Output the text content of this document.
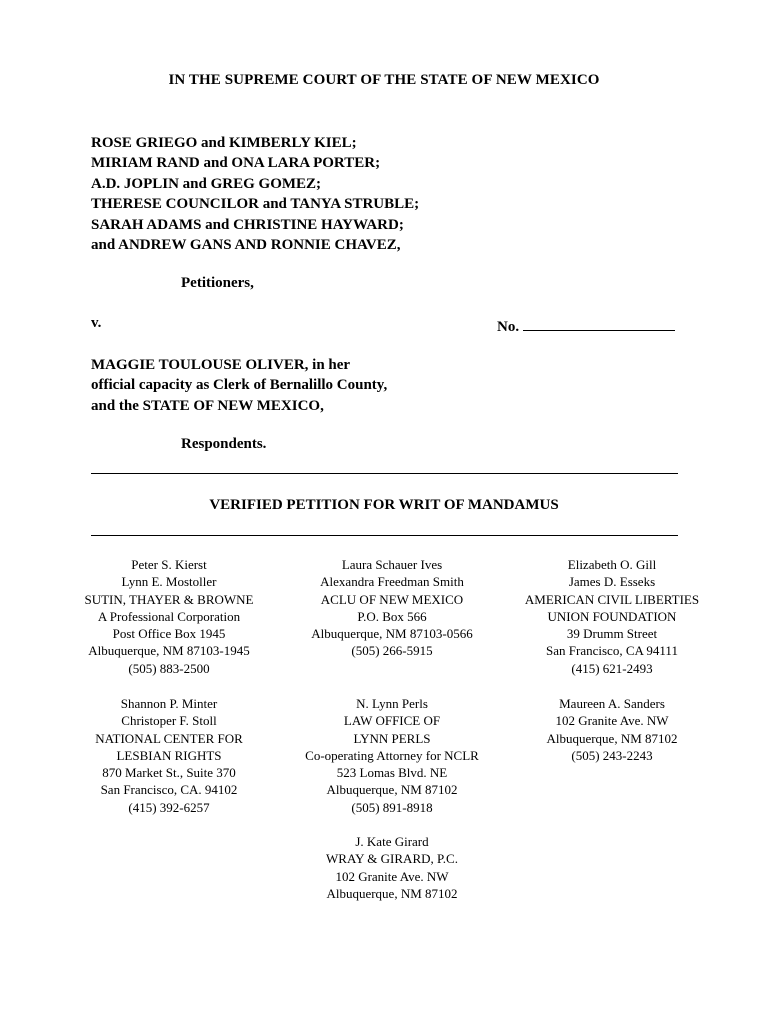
IN THE SUPREME COURT OF THE STATE OF NEW MEXICO
ROSE GRIEGO and KIMBERLY KIEL;
MIRIAM RAND and ONA LARA PORTER;
A.D. JOPLIN and GREG GOMEZ;
THERESE COUNCILOR and TANYA STRUBLE;
SARAH ADAMS and CHRISTINE HAYWARD;
and ANDREW GANS AND RONNIE CHAVEZ,
Petitioners,
v.	No.
MAGGIE TOULOUSE OLIVER, in her
official capacity as Clerk of Bernalillo County,
and the STATE OF NEW MEXICO,
Respondents.
VERIFIED PETITION FOR WRIT OF MANDAMUS
Peter S. Kierst
Lynn E. Mostoller
SUTIN, THAYER & BROWNE
A Professional Corporation
Post Office Box 1945
Albuquerque, NM 87103-1945
(505) 883-2500
Laura Schauer Ives
Alexandra Freedman Smith
ACLU OF NEW MEXICO
P.O. Box 566
Albuquerque, NM 87103-0566
(505) 266-5915
Elizabeth O. Gill
James D. Esseks
AMERICAN CIVIL LIBERTIES
UNION FOUNDATION
39 Drumm Street
San Francisco, CA 94111
(415) 621-2493
Shannon P. Minter
Christoper F. Stoll
NATIONAL CENTER FOR
LESBIAN RIGHTS
870 Market St., Suite 370
San Francisco, CA. 94102
(415) 392-6257
N. Lynn Perls
LAW OFFICE OF
LYNN PERLS
Co-operating Attorney for NCLR
523 Lomas Blvd. NE
Albuquerque, NM 87102
(505) 891-8918
Maureen A. Sanders
102 Granite Ave. NW
Albuquerque, NM 87102
(505) 243-2243
J. Kate Girard
WRAY & GIRARD, P.C.
102 Granite Ave. NW
Albuquerque, NM 87102
